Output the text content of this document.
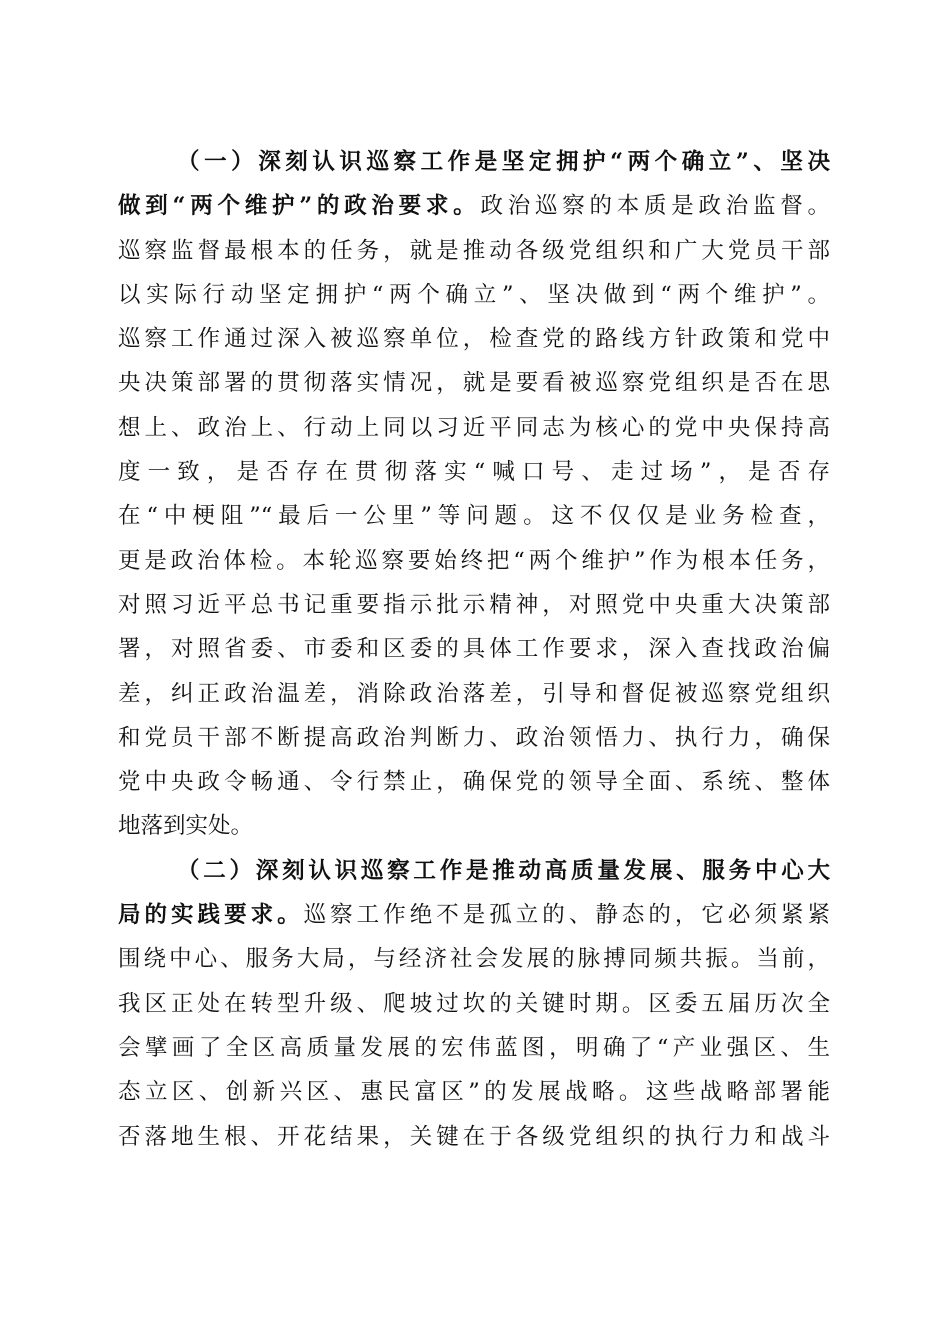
（一）深刻认识巡察工作是坚定拥护“两个确立”、坚决
做到“两个维护”的政治要求。政治巡察的本质是政治监督。
巡察监督最根本的任务，就是推动各级党组织和广大党员干部
以实际行动坚定拥护“两个确立”、坚决做到“两个维护”。
巡察工作通过深入被巡察单位，检查党的路线方针政策和党中
央决策部署的贯彻落实情况，就是要看被巡察党组织是否在思
想上、政治上、行动上同以习近平同志为核心的党中央保持高
度一致，是否存在贯彻落实“喊口号、走过场”，是否存
在“中梗阻”“最后一公里”等问题。这不仅仅是业务检查，
更是政治体检。本轮巡察要始终把“两个维护”作为根本任务，
对照习近平总书记重要指示批示精神，对照党中央重大决策部
署，对照省委、市委和区委的具体工作要求，深入查找政治偏
差，纠正政治温差，消除政治落差，引导和督促被巡察党组织
和党员干部不断提高政治判断力、政治领悟力、执行力，确保
党中央政令畅通、令行禁止，确保党的领导全面、系统、整体
地落到实处。
（二）深刻认识巡察工作是推动高质量发展、服务中心大
局的实践要求。巡察工作绝不是孤立的、静态的，它必须紧紧
围绕中心、服务大局，与经济社会发展的脉搏同频共振。当前，
我区正处在转型升级、爬坡过坎的关键时期。区委五届历次全
会擘画了全区高质量发展的宏伟蓝图，明确了“产业强区、生
态立区、创新兴区、惠民富区”的发展战略。这些战略部署能
否落地生根、开花结果，关键在于各级党组织的执行力和战斗
